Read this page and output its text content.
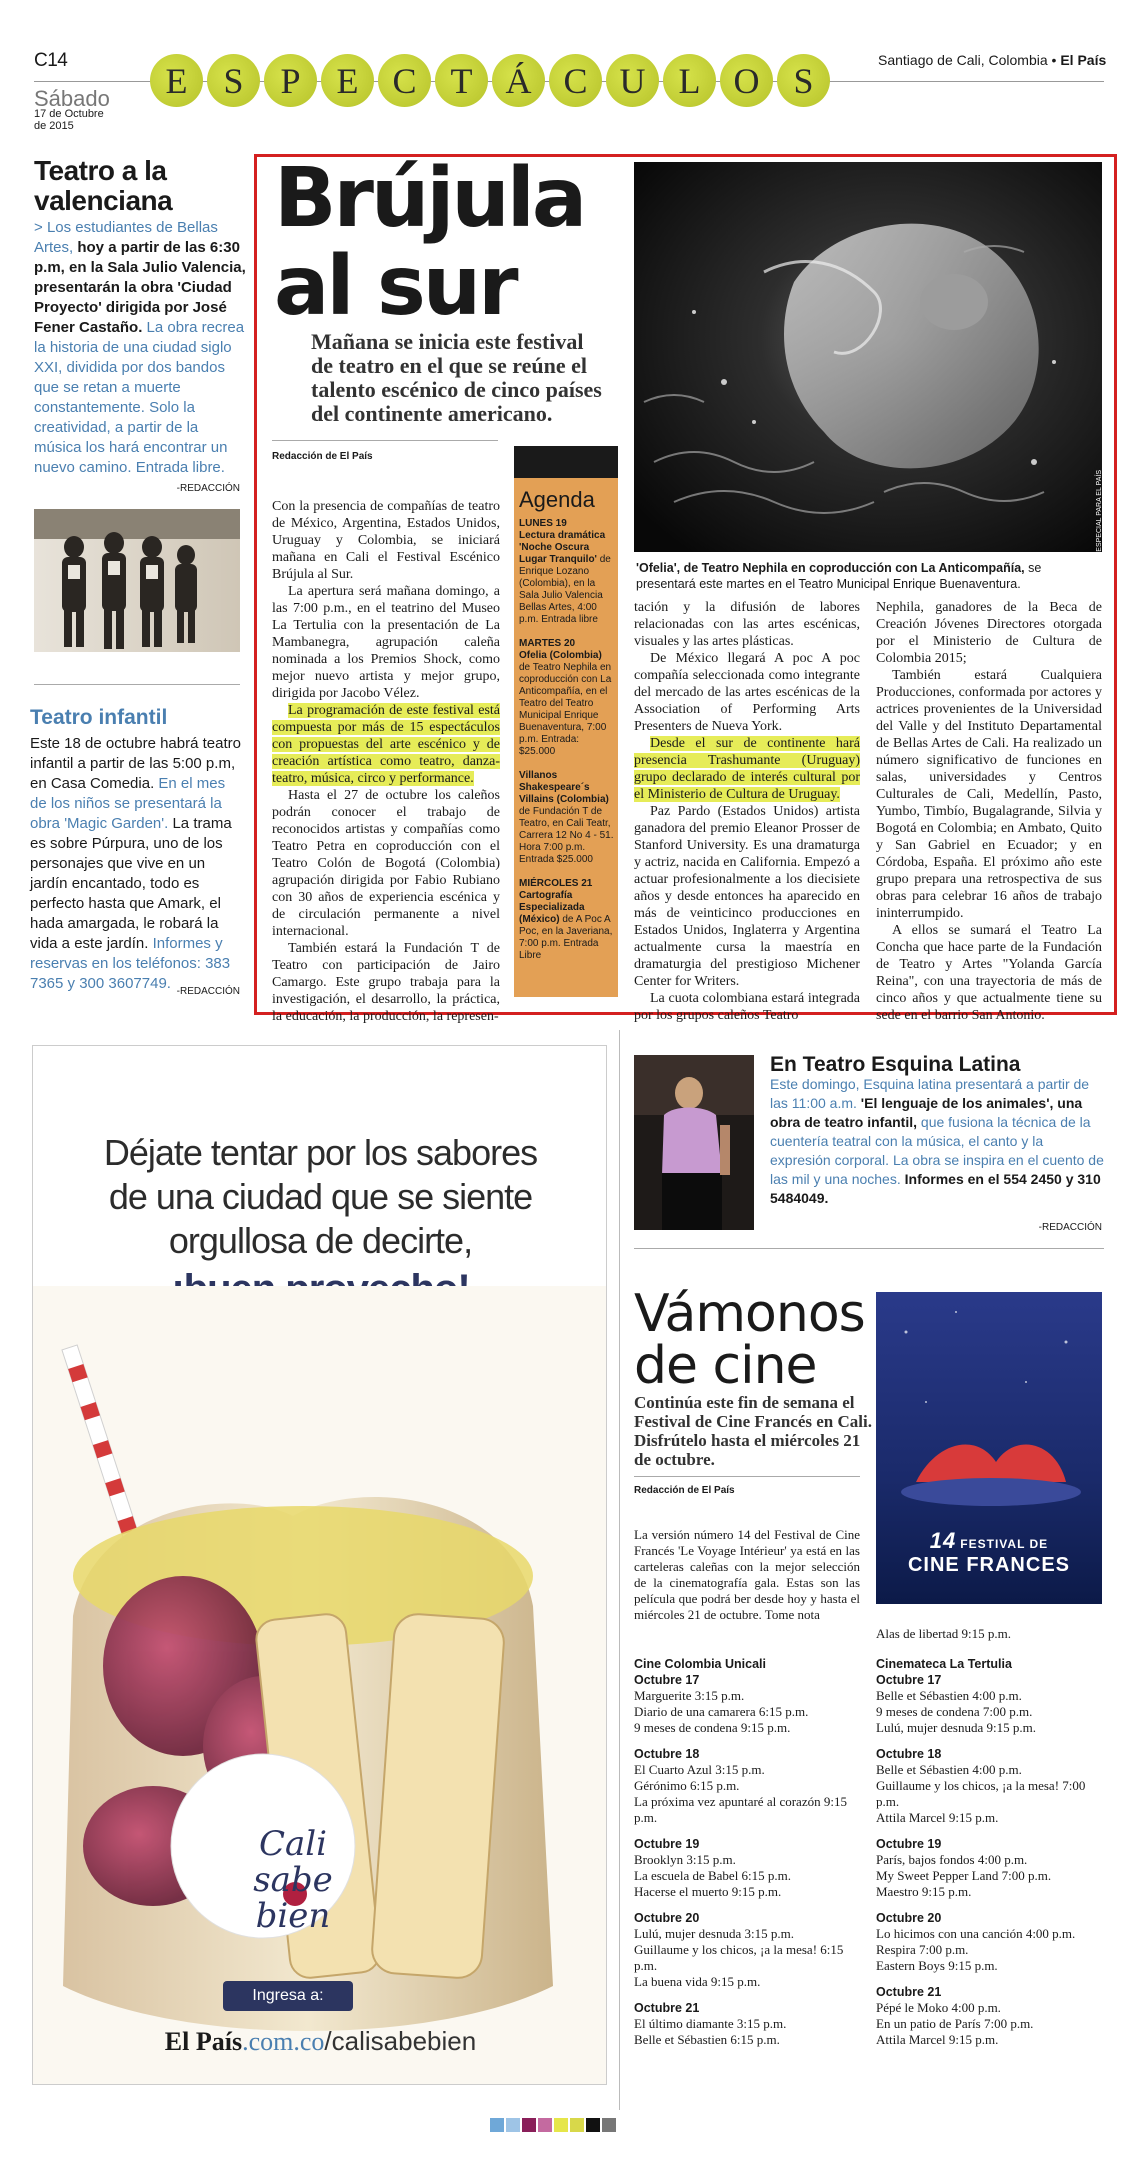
C14
Sábado
17 de Octubre de 2015
E S	P E C T Á C U L O S
Santiago de Cali, Colombia • El País
Teatro a la valenciana
> Los estudiantes de Bellas Artes, hoy a partir de las 6:30 p.m, en la Sala Julio Valencia, presentarán la obra 'Ciudad Proyecto' dirigida por José Fener Castaño. La obra recrea la historia de una ciudad siglo XXI, dividida por dos bandos que se retan a muerte constantemente. Solo la creatividad, a partir de la música los hará encontrar un nuevo camino. Entrada libre.
-REDACCIÓN
Teatro infantil
Este 18 de octubre habrá teatro infantil a partir de las 5:00 p.m, en Casa Comedia. En el mes de los niños se presentará la obra 'Magic Garden'. La trama es sobre Púrpura, uno de los personajes que vive en un jardín encantado, todo es perfecto hasta que Amark, el hada amargada, le robará la vida a este jardín. Informes y reservas en los teléfonos: 383 7365 y 300 3607749. -REDACCIÓN
Brújula al sur
Mañana se inicia este festival de teatro en el que se reúne el talento escénico de cinco países del continente americano.
Redacción de El País
FOTO: ESPECIAL PARA EL PAÍS
'Ofelia', de Teatro Nephila en coproducción con La Anticompañía, se presentará este martes en el Teatro Municipal Enrique Buenaventura.

Con la presencia de compañías de teatro de México, Argentina, Estados Unidos, Uruguay y Colombia, se iniciará mañana en Cali el Festival Escénico Brújula al Sur.

La apertura será mañana domingo, a las 7:00 p.m., en el teatrino del Museo La Tertulia con la presentación de La Mambanegra, agrupación caleña nominada a los Premios Shock, como mejor nuevo artista y mejor grupo, dirigida por Jacobo Vélez.

La programación de este festival está compuesta por más de 15 espectáculos con propuestas del arte escénico y de creación artística como teatro, danza-teatro, música, circo y performance.

Hasta el 27 de octubre los caleños podrán conocer el trabajo de reconocidos artistas y compañías como Teatro Petra en coproducción con el Teatro Colón de Bogotá (Colombia) agrupación dirigida por Fabio Rubiano con 30 años de experiencia escénica y de circulación permanente a nivel internacional.

También estará la Fundación T de Teatro con participación de Jairo Camargo. Este grupo trabaja para la investigación, el desarrollo, la práctica, la educación, la producción, la represen-

Agenda
LUNES 19
Lectura dramática 'Noche Oscura Lugar Tranquilo' de Enrique Lozano (Colombia), en la Sala Julio Valencia Bellas Artes, 4:00 p.m. Entrada libre
MARTES 20
Ofelia (Colombia) de Teatro Nephila en coproducción con La Anticompañía, en el Teatro del Teatro Municipal Enrique Buenaventura, 7:00 p.m. Entrada: $25.000
Villanos Shakespeare´s Villains (Colombia) de Fundación T de Teatro, en Cali Teatr, Carrera 12 No 4 - 51. Hora 7:00 p.m. Entrada $25.000
MIÉRCOLES 21
Cartografía Especializada (México) de A Poc A Poc, en la Javeriana, 7:00 p.m. Entrada Libre

tación y la difusión de labores relacionadas con las artes escénicas, visuales y las artes plásticas.

De México llegará A poc A poc compañía seleccionada como integrante del mercado de las artes escénicas de la Association of Performing Arts Presenters de Nueva York.

Desde el sur de continente hará presencia Trashumante (Uruguay) grupo declarado de interés cultural por el Ministerio de Cultura de Uruguay.

Paz Pardo (Estados Unidos) artista ganadora del premio Eleanor Prosser de Stanford University. Es una dramaturga y actriz, nacida en California. Empezó a actuar profesionalmente a los diecisiete años y desde entonces ha aparecido en más de veinticinco producciones en Estados Unidos, Inglaterra y Argentina actualmente cursa la maestría en dramaturgia del prestigioso Michener Center for Writers.

La cuota colombiana estará integrada por los grupos caleños Teatro

Nephila, ganadores de la Beca de Creación Jóvenes Directores otorgada por el Ministerio de Cultura de Colombia 2015;

También estará Cualquiera Producciones, conformada por actores y actrices provenientes de la Universidad del Valle y del Instituto Departamental de Bellas Artes de Cali. Ha realizado un número significativo de funciones en salas, universidades y Centros Culturales de Cali, Medellín, Pasto, Yumbo, Timbío, Bugalagrande, Silvia y Bogotá en Colombia; en Ambato, Quito y San Gabriel en Ecuador; y en Córdoba, España. El próximo año este grupo prepara una retrospectiva de sus obras para celebrar 16 años de trabajo ininterrumpido.

A ellos se sumará el Teatro La Concha que hace parte de la Fundación de Teatro y Artes "Yolanda García Reina", con una trayectoria de más de cinco años y que actualmente tiene su sede en el barrio San Antonio.

Déjate tentar por los sabores
de una ciudad que se siente
orgullosa de decirte,
Cali
sabe
bien
Ingresa a:
El País.com.co/calisabebien
En Teatro Esquina Latina
Este domingo, Esquina latina presentará a partir de las 11:00 a.m. 'El lenguaje de los animales', una obra de teatro infantil, que fusiona la técnica de la cuentería teatral con la música, el canto y la expresión corporal. La obra se inspira en el cuento de las mil y una noches. Informes en el 554 2450 y 310 5484049.
-REDACCIÓN
Vámonos de cine
Continúa este fin de semana el Festival de Cine Francés en Cali. Disfrútelo hasta el miércoles 21 de octubre.
Redacción de El País
14 FESTIVAL DE
CINE FRANCES
La versión número 14 del Festival de Cine Francés 'Le Voyage Intérieur' ya está en las carteleras caleñas con la mejor selección de la cinematografía gala. Estas son las película que podrá ber desde hoy y hasta el miércoles 21 de octubre. Tome nota
Alas de libertad 9:15 p.m.
Cine Colombia Unicali
Octubre 17
Marguerite 3:15 p.m.
Diario de una camarera 6:15 p.m.
9 meses de condena 9:15 p.m.
Octubre 18
El Cuarto Azul 3:15 p.m.
Gérónimo 6:15 p.m.
La próxima vez apuntaré al corazón 9:15 p.m.
Octubre 19
Brooklyn 3:15 p.m.
La escuela de Babel 6:15 p.m.
Hacerse el muerto 9:15 p.m.
Octubre 20
Lulú, mujer desnuda 3:15 p.m.
Guillaume y los chicos, ¡a la mesa! 6:15 p.m.
La buena vida 9:15 p.m.
Octubre 21
El último diamante 3:15 p.m.
Belle et Sébastien 6:15 p.m.
Cinemateca La Tertulia
Octubre 17
Belle et Sébastien 4:00 p.m.
9 meses de condena 7:00 p.m.
Lulú, mujer desnuda 9:15 p.m.
Octubre 18
Belle et Sébastien 4:00 p.m.
Guillaume y los chicos, ¡a la mesa! 7:00 p.m.
Attila Marcel 9:15 p.m.
Octubre 19
París, bajos fondos 4:00 p.m.
My Sweet Pepper Land 7:00 p.m.
Maestro 9:15 p.m.
Octubre 20
Lo hicimos con una canción 4:00 p.m.
Respira 7:00 p.m.
Eastern Boys 9:15 p.m.
Octubre 21
Pépé le Moko 4:00 p.m.
En un patio de París 7:00 p.m.
Attila Marcel 9:15 p.m.
